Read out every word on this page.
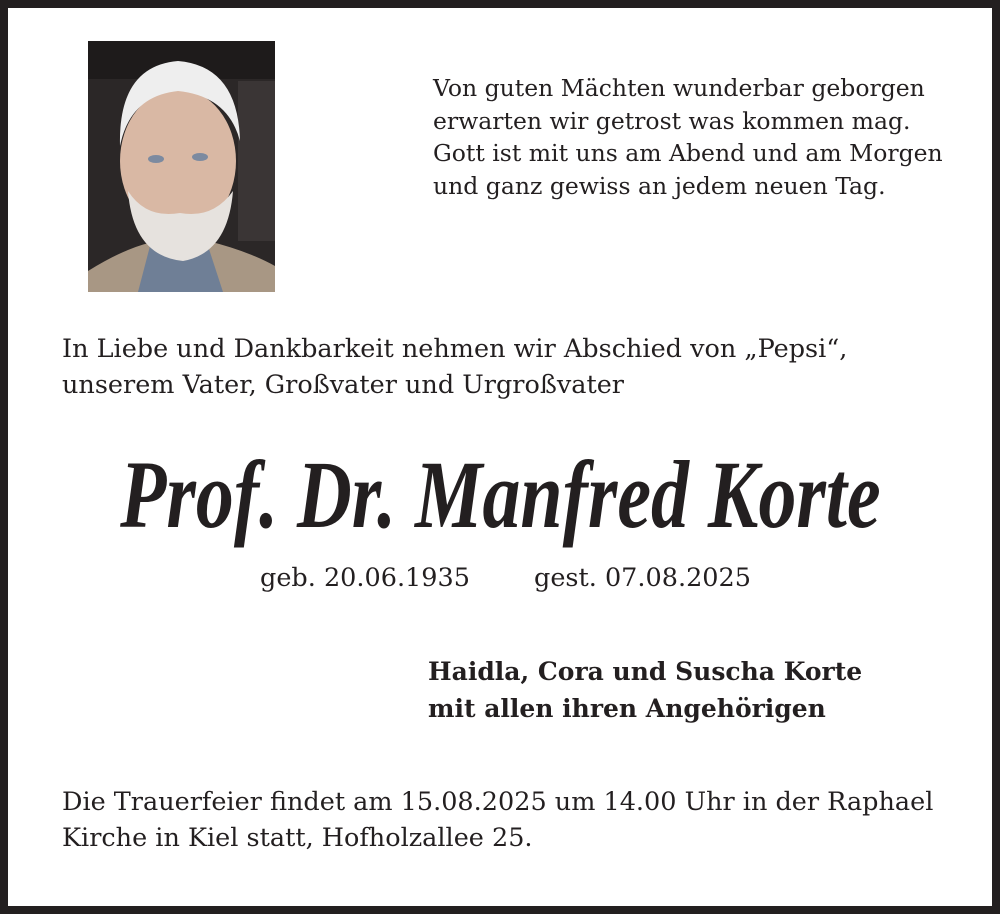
Von guten Mächten wunderbar geborgen
erwarten wir getrost was kommen mag.
Gott ist mit uns am Abend und am Morgen
und ganz gewiss an jedem neuen Tag.
In Liebe und Dankbarkeit nehmen wir Abschied von „Pepsi“,
unserem Vater, Großvater und Urgroßvater
Prof. Dr. Manfred Korte
geb. 20.06.1935	gest. 07.08.2025
Haidla, Cora und Suscha Korte
mit allen ihren Angehörigen
Die Trauerfeier findet am 15.08.2025 um 14.00 Uhr in der Raphael
Kirche in Kiel statt, Hofholzallee 25.
